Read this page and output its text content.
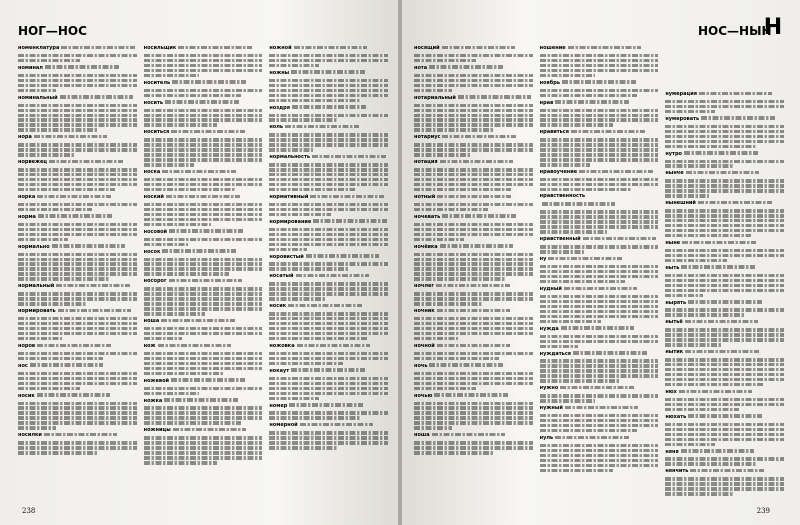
НОГ—НОС
номенклатура
номинал
номинальный
нора
норвежец
норка
норма
нормально
нормальный
нормировать
норов
нос
носик
носилки
носильщик
носитель
носить
носиться
носка
ноский
носовой
носок
носорог
ноша
нож
ножевой
ножка
ножницы
ножной
ножны
ноздря
ноль
нормальность
нормативный
нормирование
норовистый
носатый
носик
ножовка
нокаут
номер
номерной
238
НОС—НЫН
Н
носящий
нота
нотариальный
нотариус
нотация
нотный
ночевать
ночёвка
ночлег
ночник
ночной
ночь
ночью
ноша
ношение
ноябрь
нрав
нравиться
нравоучение
нравственность
нравственный
ну
нудный
нужда
нуждаться
нужно
нужный
нуль
нумерация
нумеровать
нутро
нынче
нынешний
ныне
ныть
нырять
нытьё
нытик
нюх
нюхать
няня
нянчить
239
